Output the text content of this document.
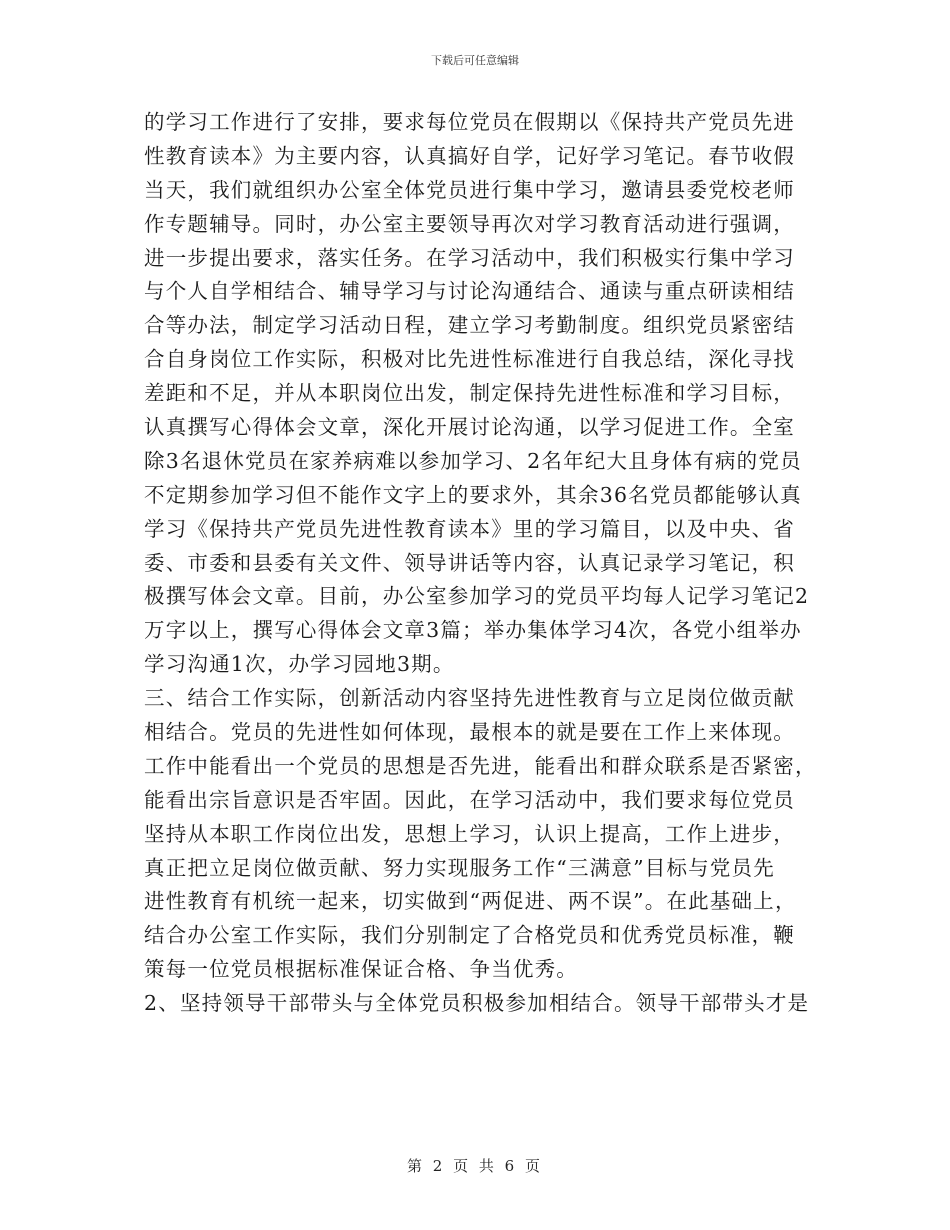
下载后可任意编辑
的学习工作进行了安排，要求每位党员在假期以《保持共产党员先进
性教育读本》为主要内容，认真搞好自学，记好学习笔记。春节收假
当天，我们就组织办公室全体党员进行集中学习，邀请县委党校老师
作专题辅导。同时，办公室主要领导再次对学习教育活动进行强调，
进一步提出要求，落实任务。在学习活动中，我们积极实行集中学习
与个人自学相结合、辅导学习与讨论沟通结合、通读与重点研读相结
合等办法，制定学习活动日程，建立学习考勤制度。组织党员紧密结
合自身岗位工作实际，积极对比先进性标准进行自我总结，深化寻找
差距和不足，并从本职岗位出发，制定保持先进性标准和学习目标，
认真撰写心得体会文章，深化开展讨论沟通，以学习促进工作。全室
除3名退休党员在家养病难以参加学习、2名年纪大且身体有病的党员
不定期参加学习但不能作文字上的要求外，其余36名党员都能够认真
学习《保持共产党员先进性教育读本》里的学习篇目，以及中央、省
委、市委和县委有关文件、领导讲话等内容，认真记录学习笔记，积
极撰写体会文章。目前，办公室参加学习的党员平均每人记学习笔记2
万字以上，撰写心得体会文章3篇；举办集体学习4次，各党小组举办
学习沟通1次，办学习园地3期。
三、结合工作实际，创新活动内容坚持先进性教育与立足岗位做贡献
相结合。党员的先进性如何体现，最根本的就是要在工作上来体现。
工作中能看出一个党员的思想是否先进，能看出和群众联系是否紧密，
能看出宗旨意识是否牢固。因此，在学习活动中，我们要求每位党员
坚持从本职工作岗位出发，思想上学习，认识上提高，工作上进步，
真正把立足岗位做贡献、努力实现服务工作“三满意”目标与党员先
进性教育有机统一起来，切实做到“两促进、两不误”。在此基础上，
结合办公室工作实际，我们分别制定了合格党员和优秀党员标准，鞭
策每一位党员根据标准保证合格、争当优秀。
2、坚持领导干部带头与全体党员积极参加相结合。领导干部带头才是
第 2 页 共 6 页
